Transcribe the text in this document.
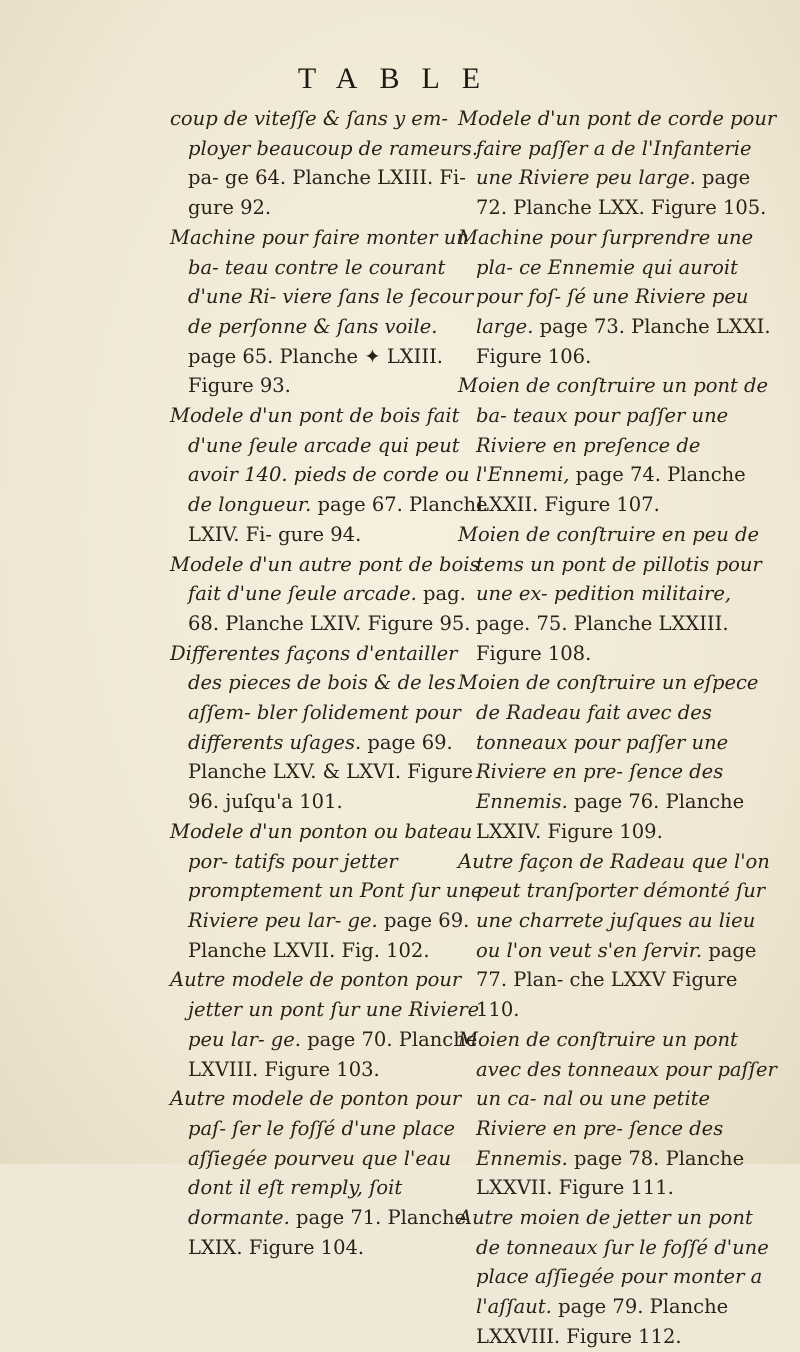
TABLE

coup de viteſſe & ſans y em- ployer beaucoup de rameurs. pa- ge 64. Planche LXIII. Fi- gure 92.

Machine pour faire monter un ba- teau contre le courant d'une Ri- viere ſans le ſecour de perſonne & ſans voile. page 65. Planche ✦ LXIII. Figure 93.

Modele d'un pont de bois fait d'une ſeule arcade qui peut avoir 140. pieds de corde ou de longueur. page 67. Planche LXIV. Fi- gure 94.

Modele d'un autre pont de bois fait d'une ſeule arcade. pag. 68. Planche LXIV. Figure 95.

Differentes façons d'entailler des pieces de bois & de les aſſem- bler ſolidement pour differents uſages. page 69. Planche LXV. & LXVI. Figure 96. juſqu'a 101.

Modele d'un ponton ou bateau por- tatifs pour jetter promptement un Pont ſur une Riviere peu lar- ge. page 69. Planche LXVII. Fig. 102.

Autre modele de ponton pour jetter un pont ſur une Riviere peu lar- ge. page 70. Planche LXVIII. Figure 103.

Autre modele de ponton pour paſ- ſer le foſſé d'une place aſſiegée pourveu que l'eau dont il eſt remply, ſoit dormante. page 71. Planche LXIX. Figure 104.

Modele d'un pont de corde pour faire paſſer a de l'Infanterie une Riviere peu large. page 72. Planche LXX. Figure 105.

Machine pour ſurprendre une pla- ce Ennemie qui auroit pour foſ- ſé une Riviere peu large. page 73. Planche LXXI. Figure 106.

Moien de conſtruire un pont de ba- teaux pour paſſer une Riviere en preſence de l'Ennemi, page 74. Planche LXXII. Figure 107.

Moien de conſtruire en peu de tems un pont de pillotis pour une ex- pedition militaire, page. 75. Planche LXXIII. Figure 108.

Moien de conſtruire un eſpece de Radeau fait avec des tonneaux pour paſſer une Riviere en pre- ſence des Ennemis. page 76. Planche LXXIV. Figure 109.

Autre façon de Radeau que l'on peut tranſporter démonté ſur une charrete juſques au lieu ou l'on veut s'en ſervir. page 77. Plan- che LXXV Figure 110.

Moien de conſtruire un pont avec des tonneaux pour paſſer un ca- nal ou une petite Riviere en pre- ſence des Ennemis. page 78. Planche LXXVII. Figure 111.

Autre moien de jetter un pont de tonneaux ſur le foſſé d'une place aſſiegée pour monter a l'aſſaut. page 79. Planche LXXVIII. Figure 112.
